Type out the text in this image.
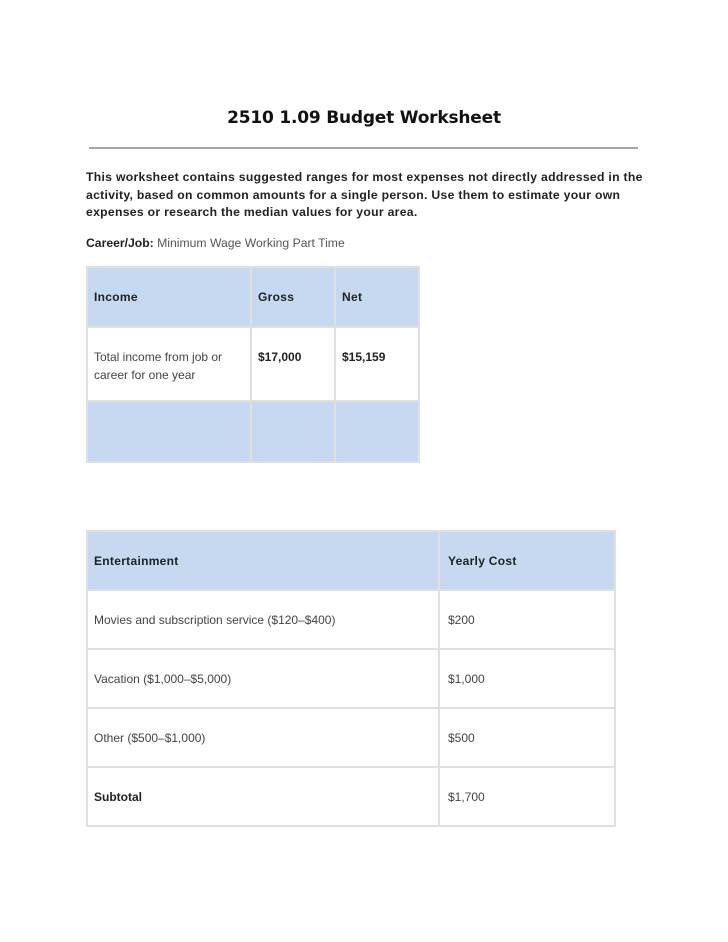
2510 1.09 Budget Worksheet
This worksheet contains suggested ranges for most expenses not directly addressed in the activity, based on common amounts for a single person. Use them to estimate your own expenses or research the median values for your area.
Career/Job: Minimum Wage Working Part Time
Income	Gross	Net
Total income from job or career for one year	$17,000	$15,159

Entertainment	Yearly Cost
Movies and subscription service ($120–$400)	$200
Vacation ($1,000–$5,000)	$1,000
Other ($500–$1,000)	$500
Subtotal	$1,700
